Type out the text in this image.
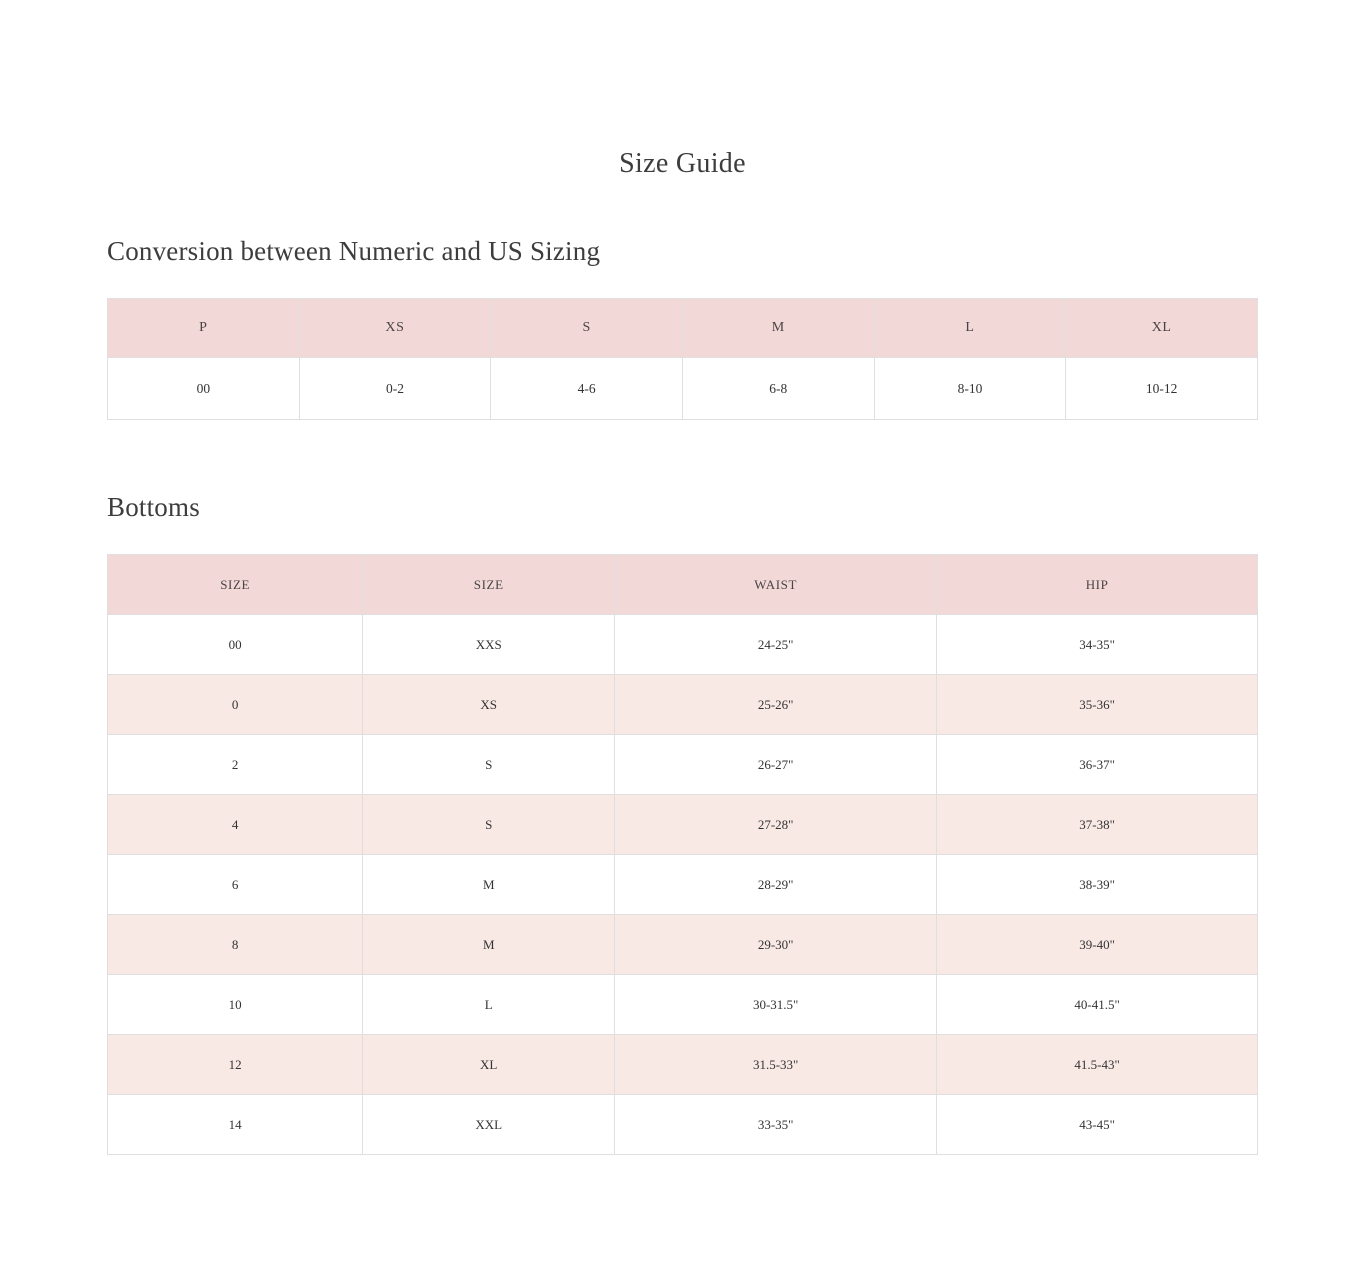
Size Guide
Conversion between Numeric and US Sizing
P	XS	S	M	L	XL
00	0-2	4-6	6-8	8-10	10-12
Bottoms
SIZE	SIZE	WAIST	HIP
00	XXS	24-25"	34-35"
0	XS	25-26"	35-36"
2	S	26-27"	36-37"
4	S	27-28"	37-38"
6	M	28-29"	38-39"
8	M	29-30"	39-40"
10	L	30-31.5"	40-41.5"
12	XL	31.5-33"	41.5-43"
14	XXL	33-35"	43-45"
